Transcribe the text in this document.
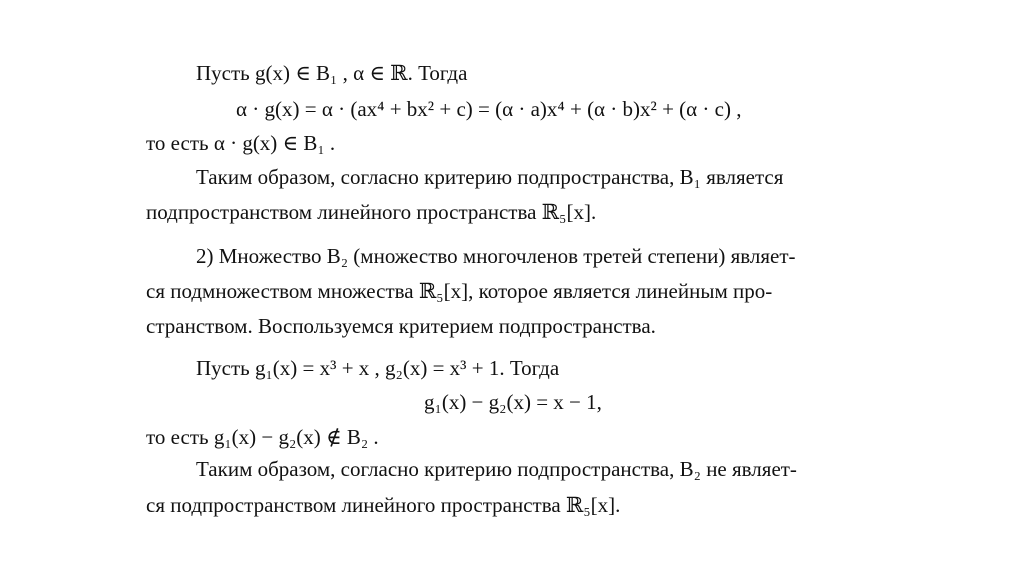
Пусть g(x) ∈ B₁ , α ∈ ℝ. Тогда
α · g(x) = α · (ax⁴ + bx² + c) = (α · a)x⁴ + (α · b)x² + (α · c) ,
то есть α · g(x) ∈ B₁ .
Таким образом, согласно критерию подпространства, B₁ является
подпространством линейного пространства ℝ₅[x].
2) Множество B₂ (множество многочленов третей степени) являет-
ся подмножеством множества ℝ₅[x], которое является линейным про-
странством. Воспользуемся критерием подпространства.
Пусть g₁(x) = x³ + x , g₂(x) = x³ + 1. Тогда
g₁(x) − g₂(x) = x − 1,
то есть g₁(x) − g₂(x) ∉ B₂ .
Таким образом, согласно критерию подпространства, B₂ не являет-
ся подпространством линейного пространства ℝ₅[x].
